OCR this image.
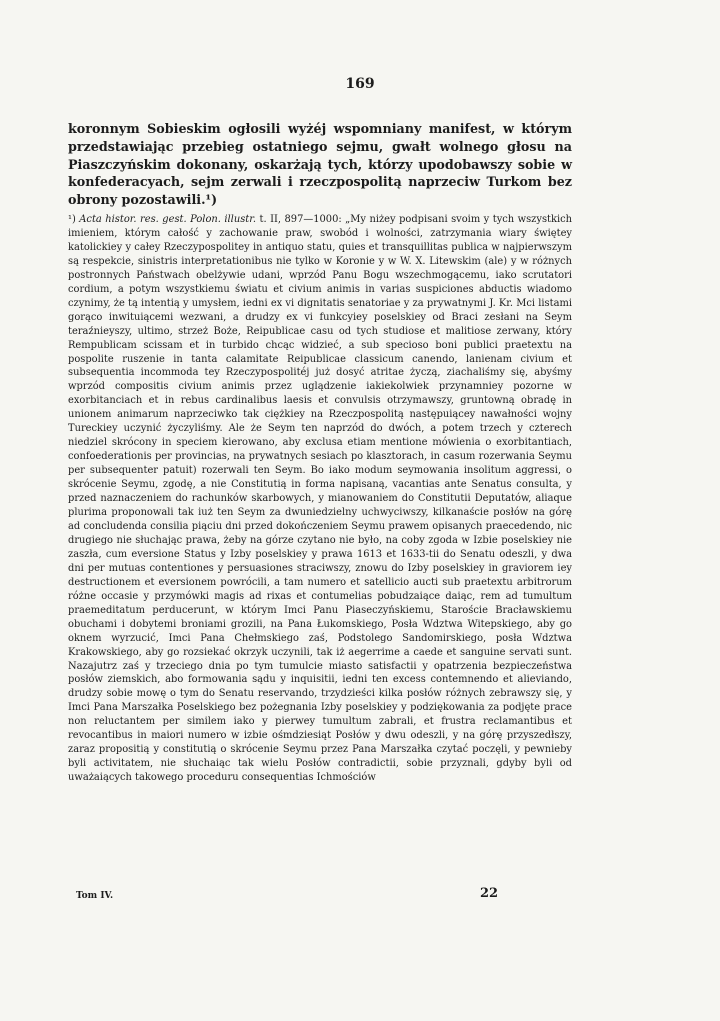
169

koronnym Sobieskim ogłosili wyżéj wspomniany manifest, w którym przedstawiając przebieg ostatniego sejmu, gwałt wolnego głosu na Piaszczyńskim dokonany, oskarżają tych, którzy upodobawszy sobie w konfederacyach, sejm zerwali i rzeczpospolitą naprzeciw Turkom bez obrony pozostawili.¹)

¹) Acta histor. res. gest. Polon. illustr. t. II, 897—1000: „My niżey podpisani svoim y tych wszystkich imieniem, którym całość y zachowanie praw, swobód i wolności, zatrzymania wiary świętey katolickiey y całey Rzeczypospolitey in antiquo statu, quies et transquillitas publica w najpierwszym są respekcie, sinistris interpretationibus nie tylko w Koronie y w W. X. Litewskim (ale) y w różnych postronnych Państwach obelżywie udani, wprzód Panu Bogu wszechmogącemu, iako scrutatori cordium, a potym wszystkiemu światu et civium animis in varias suspiciones abductis wiadomo czynimy, że tą intentią y umysłem, iedni ex vi dignitatis senatoriae y za prywatnymi J. Kr. Mci listami gorąco inwituiącemi wezwani, a drudzy ex vi funkcyiey poselskiey od Braci zesłani na Seym teraźnieyszy, ultimo, strzeż Boże, Reipublicae casu od tych studiose et malitiose zerwany, który Rempublicam scissam et in turbido chcąc widzieć, a sub specioso boni publici praetextu na pospolite ruszenie in tanta calamitate Reipublicae classicum canendo, lanienam civium et subsequentia incommoda tey Rzeczypospolitéj już dosyć atritae życzą, ziachaliśmy się, abyśmy wprzód compositis civium animis przez uglądzenie iakiekolwiek przynamniey pozorne w exorbitanciach et in rebus cardinalibus laesis et convulsis otrzymawszy, gruntowną obradę in unionem animarum naprzeciwko tak ciężkiey na Rzeczpospolitą następuiącey nawałności wojny Tureckiey uczynić życzyliśmy. Ale że Seym ten naprzód do dwóch, a potem trzech y czterech niedziel skrócony in speciem kierowano, aby exclusa etiam mentione mówienia o exorbitantiach, confoederationis per provincias, na prywatnych sesiach po klasztorach, in casum rozerwania Seymu per subsequenter patuit) rozerwali ten Seym. Bo iako modum seymowania insolitum aggressi, o skrócenie Seymu, zgodę, a nie Constitutią in forma napisaną, vacantias ante Senatus consulta, y przed naznaczeniem do rachunków skarbowych, y mianowaniem do Constitutii Deputatów, aliaque plurima proponowali tak iuż ten Seym za dwuniedzielny uchwyciwszy, kilkanaście posłów na górę ad concludenda consilia piąciu dni przed dokończeniem Seymu prawem opisanych praecedendo, nic drugiego nie słuchając prawa, żeby na górze czytano nie było, na coby zgoda w Izbie poselskiey nie zaszła, cum eversione Status y Izby poselskiey y prawa 1613 et 1633-tii do Senatu odeszli, y dwa dni per mutuas contentiones y persuasiones straciwszy, znowu do Izby poselskiey in graviorem iey destructionem et eversionem powrócili, a tam numero et satellicio aucti sub praetextu arbitrorum różne occasie y przymówki magis ad rixas et contumelias pobudzaiące daiąc, rem ad tumultum praemeditatum perducerunt, w którym Imci Panu Piaseczyńskiemu, Staroście Bracławskiemu obuchami i dobytemi broniami grozili, na Pana Łukomskiego, Posła Wdztwa Witepskiego, aby go oknem wyrzucić, Imci Pana Chełmskiego zaś, Podstolego Sandomirskiego, posła Wdztwa Krakowskiego, aby go rozsiekać okrzyk uczynili, tak iż aegerrime a caede et sanguine servati sunt. Nazajutrz zaś y trzeciego dnia po tym tumulcie miasto satisfactii y opatrzenia bezpieczeństwa posłów ziemskich, abo formowania sądu y inquisitii, iedni ten excess contemnendo et alieviando, drudzy sobie mowę o tym do Senatu reservando, trzydzieści kilka posłów różnych zebrawszy się, y Imci Pana Marszałka Poselskiego bez pożegnania Izby poselskiey y podziękowania za podjęte prace non reluctantem per similem iako y pierwey tumultum zabrali, et frustra reclamantibus et revocantibus in maiori numero w izbie ośmdziesiąt Posłów y dwu odeszli, y na górę przyszedłszy, zaraz propositią y constitutią o skrócenie Seymu przez Pana Marszałka czytać poczęli, y pewnieby byli activitatem, nie słuchaiąc tak wielu Posłów contradictii, sobie przyznali, gdyby byli od uważaiących takowego proceduru consequentias Ichmościów

Tom IV.	22
